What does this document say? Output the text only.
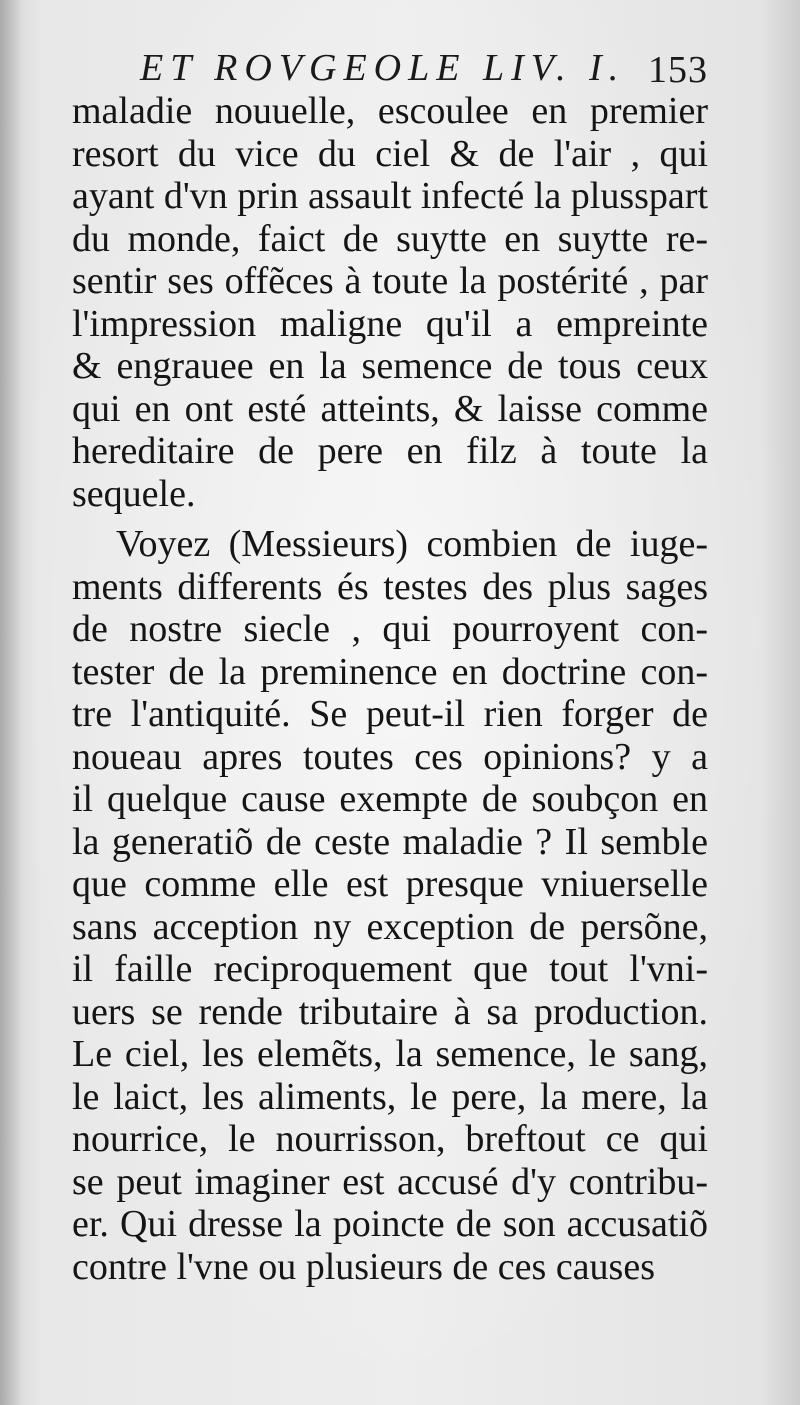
ET ROVGEOLE LIV. I. 153
maladie nouuelle, escoulee en premier
resort du vice du ciel & de l'air , qui
ayant d'vn prin assault infecté la plusspart
du monde, faict de suytte en suytte re-
sentir ses offẽces à toute la postérité , par
l'impression maligne qu'il a empreinte
& engrauee en la semence de tous ceux
qui en ont esté atteints, & laisse comme
hereditaire de pere en filz à toute la
sequele.
Voyez (Messieurs) combien de iuge-
ments differents és testes des plus sages
de nostre siecle , qui pourroyent con-
tester de la preminence en doctrine con-
tre l'antiquité. Se peut-il rien forger de
noueau apres toutes ces opinions? y a
il quelque cause exempte de soubçon en
la generatiõ de ceste maladie ? Il semble
que comme elle est presque vniuerselle
sans acception ny exception de persõne,
il faille reciproquement que tout l'vni-
uers se rende tributaire à sa production.
Le ciel, les elemẽts, la semence, le sang,
le laict, les aliments, le pere, la mere, la
nourrice, le nourrisson, breftout ce qui
se peut imaginer est accusé d'y contribu-
er. Qui dresse la poincte de son accusatiõ
contre l'vne ou plusieurs de ces causes
